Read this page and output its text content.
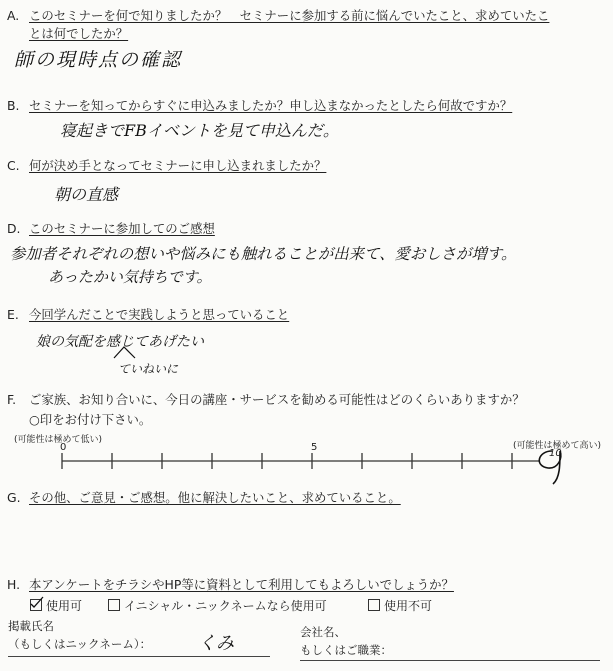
A. このセミナーを何で知りましたか？　セミナーに参加する前に悩んでいたこと、求めていたこ
とは何でしたか？
師の現時点の確認
B. セミナーを知ってからすぐに申込みましたか？申し込まなかったとしたら何故ですか？
寝起きでFBイベントを見て申込んだ。
C. 何が決め手となってセミナーに申し込まれましたか？
朝の直感
D. このセミナーに参加してのご感想
参加者それぞれの想いや悩みにも触れることが出来て、愛おしさが増す。
あったかい気持ちです。
E. 今回学んだことで実践しようと思っていること
娘の気配を感じてあげたい
ていねいに
F. ご家族、お知り合いに、今日の講座・サービスを勧める可能性はどのくらいありますか？
○印をお付け下さい。
(可能性は極めて低い)
(可能性は極めて高い)
0	5
10
G. その他、ご意見・ご感想。他に解決したいこと、求めていること。
H. 本アンケートをチラシやHP等に資料として利用してもよろしいでしょうか？
使用可	イニシャル・ニックネームなら使用可	使用不可
掲載氏名
（もしくはニックネーム）：	くみ
会社名、
もしくはご職業：
